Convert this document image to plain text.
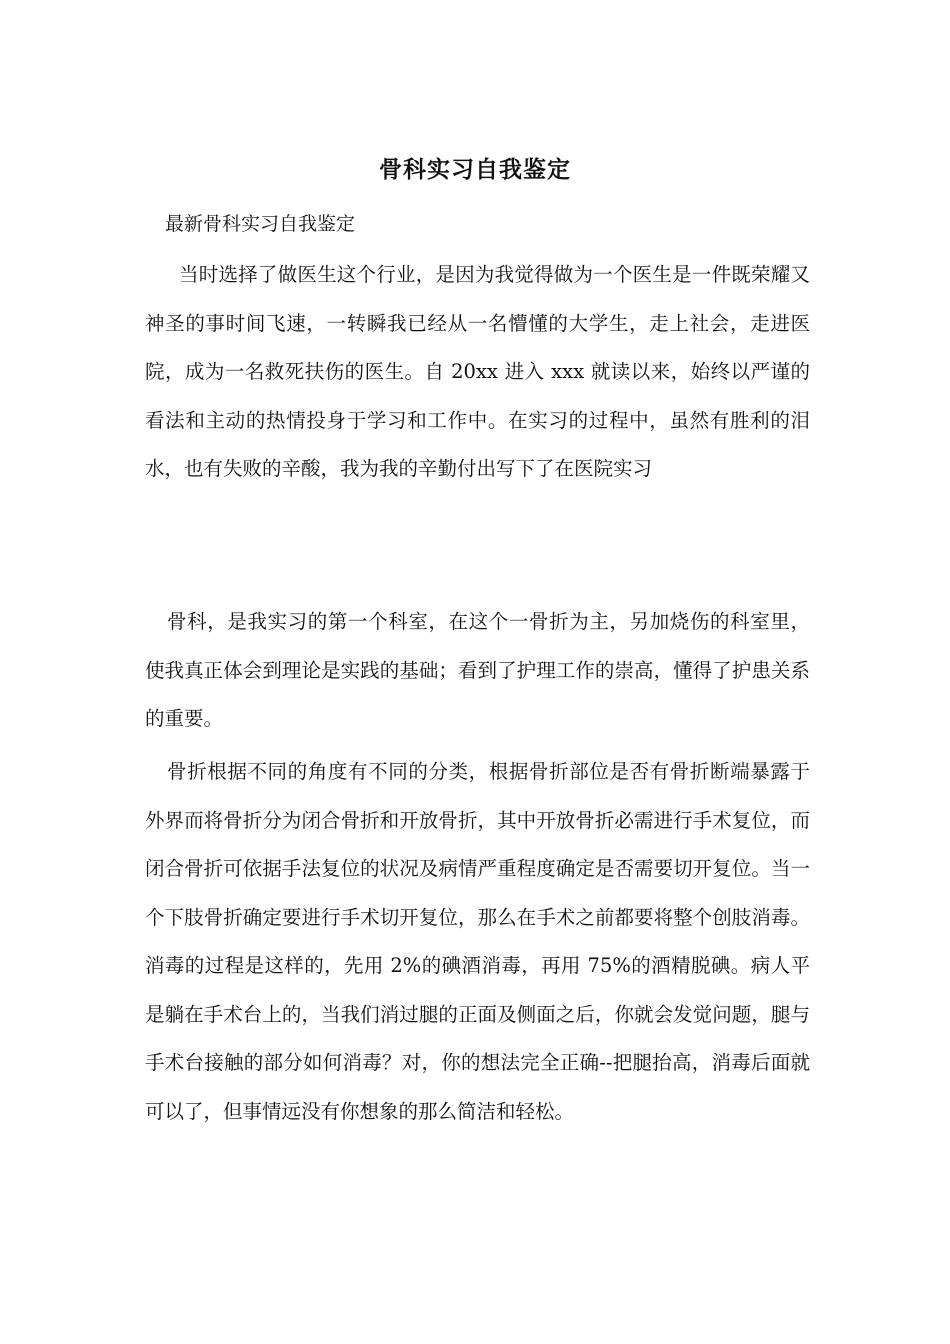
骨科实习自我鉴定
最新骨科实习自我鉴定

当时选择了做医生这个行业，是因为我觉得做为一个医生是一件既荣耀又神圣的事时间飞速，一转瞬我已经从一名懵懂的大学生，走上社会，走进医院，成为一名救死扶伤的医生。自 20xx 进入 xxx 就读以来，始终以严谨的看法和主动的热情投身于学习和工作中。在实习的过程中，虽然有胜利的泪水，也有失败的辛酸，我为我的辛勤付出写下了在医院实习

骨科，是我实习的第一个科室，在这个一骨折为主，另加烧伤的科室里，使我真正体会到理论是实践的基础；看到了护理工作的崇高，懂得了护患关系的重要。

骨折根据不同的角度有不同的分类，根据骨折部位是否有骨折断端暴露于外界而将骨折分为闭合骨折和开放骨折，其中开放骨折必需进行手术复位，而闭合骨折可依据手法复位的状况及病情严重程度确定是否需要切开复位。当一个下肢骨折确定要进行手术切开复位，那么在手术之前都要将整个创肢消毒。消毒的过程是这样的，先用 2%的碘酒消毒，再用 75%的酒精脱碘。病人平是躺在手术台上的，当我们消过腿的正面及侧面之后，你就会发觉问题，腿与手术台接触的部分如何消毒？对，你的想法完全正确--把腿抬高，消毒后面就可以了，但事情远没有你想象的那么简洁和轻松。
